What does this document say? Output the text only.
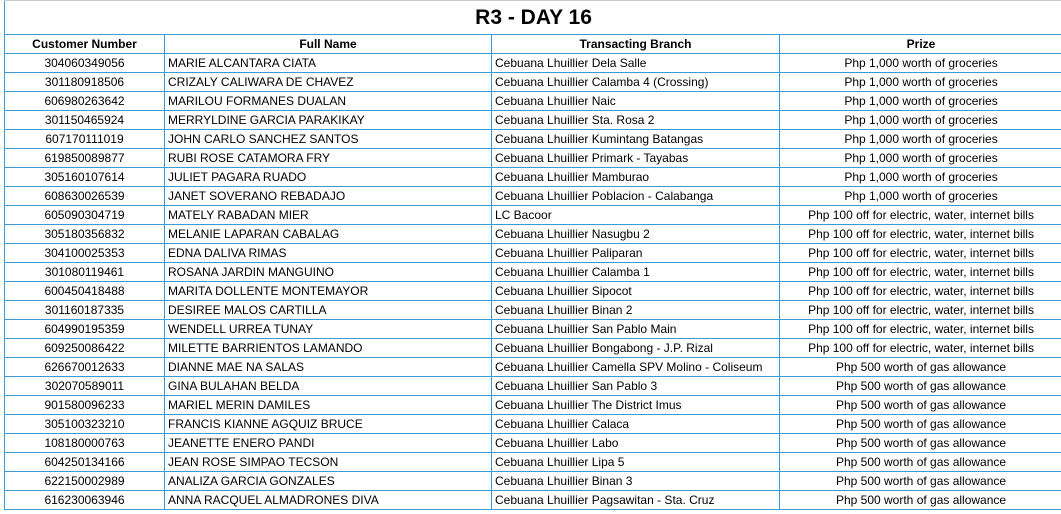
R3 - DAY 16			
Customer Number	Full Name	Transacting Branch	Prize
304060349056	MARIE ALCANTARA CIATA	Cebuana Lhuillier Dela Salle	Php 1,000 worth of groceries
301180918506	CRIZALY CALIWARA DE CHAVEZ	Cebuana Lhuillier Calamba 4 (Crossing)	Php 1,000 worth of groceries
606980263642	MARILOU FORMANES DUALAN	Cebuana Lhuillier Naic	Php 1,000 worth of groceries
301150465924	MERRYLDINE GARCIA PARAKIKAY	Cebuana Lhuillier Sta. Rosa 2	Php 1,000 worth of groceries
607170111019	JOHN CARLO SANCHEZ SANTOS	Cebuana Lhuillier Kumintang Batangas	Php 1,000 worth of groceries
619850089877	RUBI ROSE CATAMORA FRY	Cebuana Lhuillier Primark - Tayabas	Php 1,000 worth of groceries
305160107614	JULIET PAGARA RUADO	Cebuana Lhuillier Mamburao	Php 1,000 worth of groceries
608630026539	JANET SOVERANO REBADAJO	Cebuana Lhuillier Poblacion - Calabanga	Php 1,000 worth of groceries
605090304719	MATELY RABADAN MIER	LC Bacoor	Php 100 off for electric, water, internet bills
305180356832	MELANIE LAPARAN CABALAG	Cebuana Lhuillier Nasugbu 2	Php 100 off for electric, water, internet bills
304100025353	EDNA DALIVA RIMAS	Cebuana Lhuillier Paliparan	Php 100 off for electric, water, internet bills
301080119461	ROSANA JARDIN MANGUINO	Cebuana Lhuillier Calamba 1	Php 100 off for electric, water, internet bills
600450418488	MARITA DOLLENTE MONTEMAYOR	Cebuana Lhuillier Sipocot	Php 100 off for electric, water, internet bills
301160187335	DESIREE MALOS CARTILLA	Cebuana Lhuillier Binan 2	Php 100 off for electric, water, internet bills
604990195359	WENDELL URREA TUNAY	Cebuana Lhuillier San Pablo Main	Php 100 off for electric, water, internet bills
609250086422	MILETTE BARRIENTOS LAMANDO	Cebuana Lhuillier Bongabong - J.P. Rizal	Php 100 off for electric, water, internet bills
626670012633	DIANNE MAE NA SALAS	Cebuana Lhuillier Camella SPV Molino - Coliseum	Php 500 worth of gas allowance
302070589011	GINA BULAHAN BELDA	Cebuana Lhuillier San Pablo 3	Php 500 worth of gas allowance
901580096233	MARIEL MERIN DAMILES	Cebuana Lhuillier The District Imus	Php 500 worth of gas allowance
305100323210	FRANCIS KIANNE AGQUIZ BRUCE	Cebuana Lhuillier Calaca	Php 500 worth of gas allowance
108180000763	JEANETTE ENERO PANDI	Cebuana Lhuillier Labo	Php 500 worth of gas allowance
604250134166	JEAN ROSE SIMPAO TECSON	Cebuana Lhuillier Lipa 5	Php 500 worth of gas allowance
622150002989	ANALIZA GARCIA GONZALES	Cebuana Lhuillier Binan 3	Php 500 worth of gas allowance
616230063946	ANNA RACQUEL ALMADRONES DIVA	Cebuana Lhuillier Pagsawitan - Sta. Cruz	Php 500 worth of gas allowance
